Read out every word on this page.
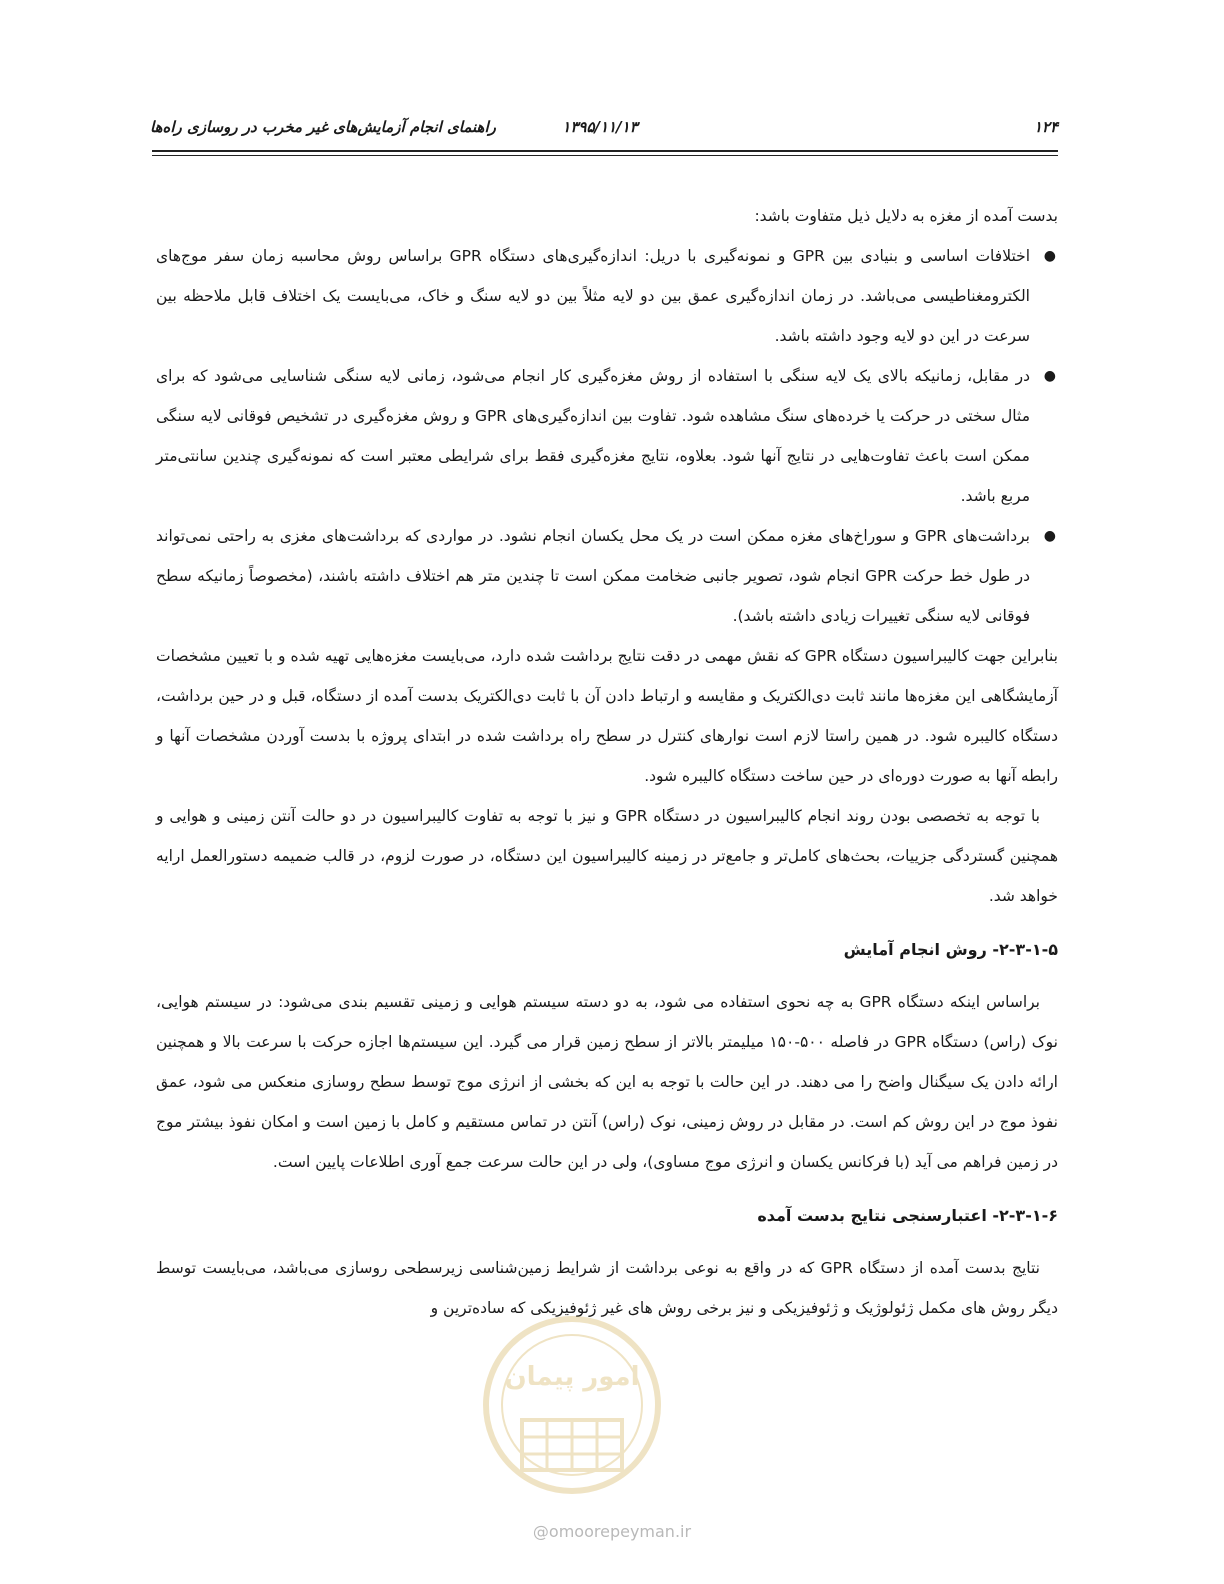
۱۲۴
۱۳۹۵/۱۱/۱۳
راهنمای انجام آزمایش‌های غیر مخرب در روسازی راه‌ها

بدست آمده از مغزه به دلایل ذیل متفاوت باشد:

●
اختلافات اساسی و بنیادی بین GPR و نمونه‌گیری با دریل: اندازه‌گیری‌های دستگاه GPR براساس روش محاسبه زمان سفر موج‌های الکترومغناطیسی می‌باشد. در زمان اندازه‌گیری عمق بین دو لایه مثلاً بین دو لایه سنگ و خاک، می‌بایست یک اختلاف قابل ملاحظه بین سرعت در این دو لایه وجود داشته باشد.
●
در مقابل، زمانیکه بالای یک لایه سنگی با استفاده از روش مغزه‌گیری کار انجام می‌شود، زمانی لایه سنگی شناسایی می‌شود که برای مثال سختی در حرکت یا خرده‌های سنگ مشاهده شود. تفاوت بین اندازه‌گیری‌های GPR و روش مغزه‌گیری در تشخیص فوقانی لایه سنگی ممکن است باعث تفاوت‌هایی در نتایج آنها شود. بعلاوه، نتایج مغزه‌گیری فقط برای شرایطی معتبر است که نمونه‌گیری چندین سانتی‌متر مربع باشد.
●
برداشت‌های GPR و سوراخ‌های مغزه ممکن است در یک محل یکسان انجام نشود. در مواردی که برداشت‌های مغزی به راحتی نمی‌تواند در طول خط حرکت GPR انجام شود، تصویر جانبی ضخامت ممکن است تا چندین متر هم اختلاف داشته باشند، (مخصوصاً زمانیکه سطح فوقانی لایه سنگی تغییرات زیادی داشته باشد).

بنابراین جهت کالیبراسیون دستگاه GPR که نقش مهمی در دقت نتایج برداشت شده دارد، می‌بایست مغزه‌هایی تهیه شده و با تعیین مشخصات آزمایشگاهی این مغزه‌ها مانند ثابت دی‌الکتریک و مقایسه و ارتباط دادن آن با ثابت دی‌الکتریک بدست آمده از دستگاه، قبل و در حین برداشت، دستگاه کالیبره شود. در همین راستا لازم است نوارهای کنترل در سطح راه برداشت شده در ابتدای پروژه با بدست آوردن مشخصات آنها و رابطه آنها به صورت دوره‌ای در حین ساخت دستگاه کالیبره شود.

با توجه به تخصصی بودن روند انجام کالیبراسیون در دستگاه GPR و نیز با توجه به تفاوت کالیبراسیون در دو حالت آنتن زمینی و هوایی و همچنین گستردگی جزییات، بحث‌های کامل‌تر و جامع‌تر در زمینه کالیبراسیون این دستگاه، در صورت لزوم، در قالب ضمیمه دستورالعمل ارایه خواهد شد.

۲-۳-۱-۵- روش انجام آمایش

براساس اینکه دستگاه GPR به چه نحوی استفاده می شود، به دو دسته سیستم هوایی و زمینی تقسیم بندی می‌شود: در سیستم هوایی، نوک (راس) دستگاه GPR در فاصله ۵۰۰-۱۵۰ میلیمتر بالاتر از سطح زمین قرار می گیرد. این سیستم‌ها اجازه حرکت با سرعت بالا و همچنین ارائه دادن یک سیگنال واضح را می دهند. در این حالت با توجه به این که بخشی از انرژی موج توسط سطح روسازی منعکس می شود، عمق نفوذ موج در این روش کم است. در مقابل در روش زمینی، نوک (راس) آنتن در تماس مستقیم و کامل با زمین است و امکان نفوذ بیشتر موج در زمین فراهم می آید (با فرکانس یکسان و انرژی موج مساوی)، ولی در این حالت سرعت جمع آوری اطلاعات پایین است.

۲-۳-۱-۶- اعتبارسنجی نتایج بدست آمده

نتایج بدست آمده از دستگاه GPR که در واقع به نوعی برداشت از شرایط زمین‌شناسی زیرسطحی روسازی می‌باشد، می‌بایست توسط دیگر روش های مکمل ژئولوژیک و ژئوفیزیکی و نیز برخی روش های غیر ژئوفیزیکی که ساده‌ترین و

امور پیمان
@omoorepeyman.ir
